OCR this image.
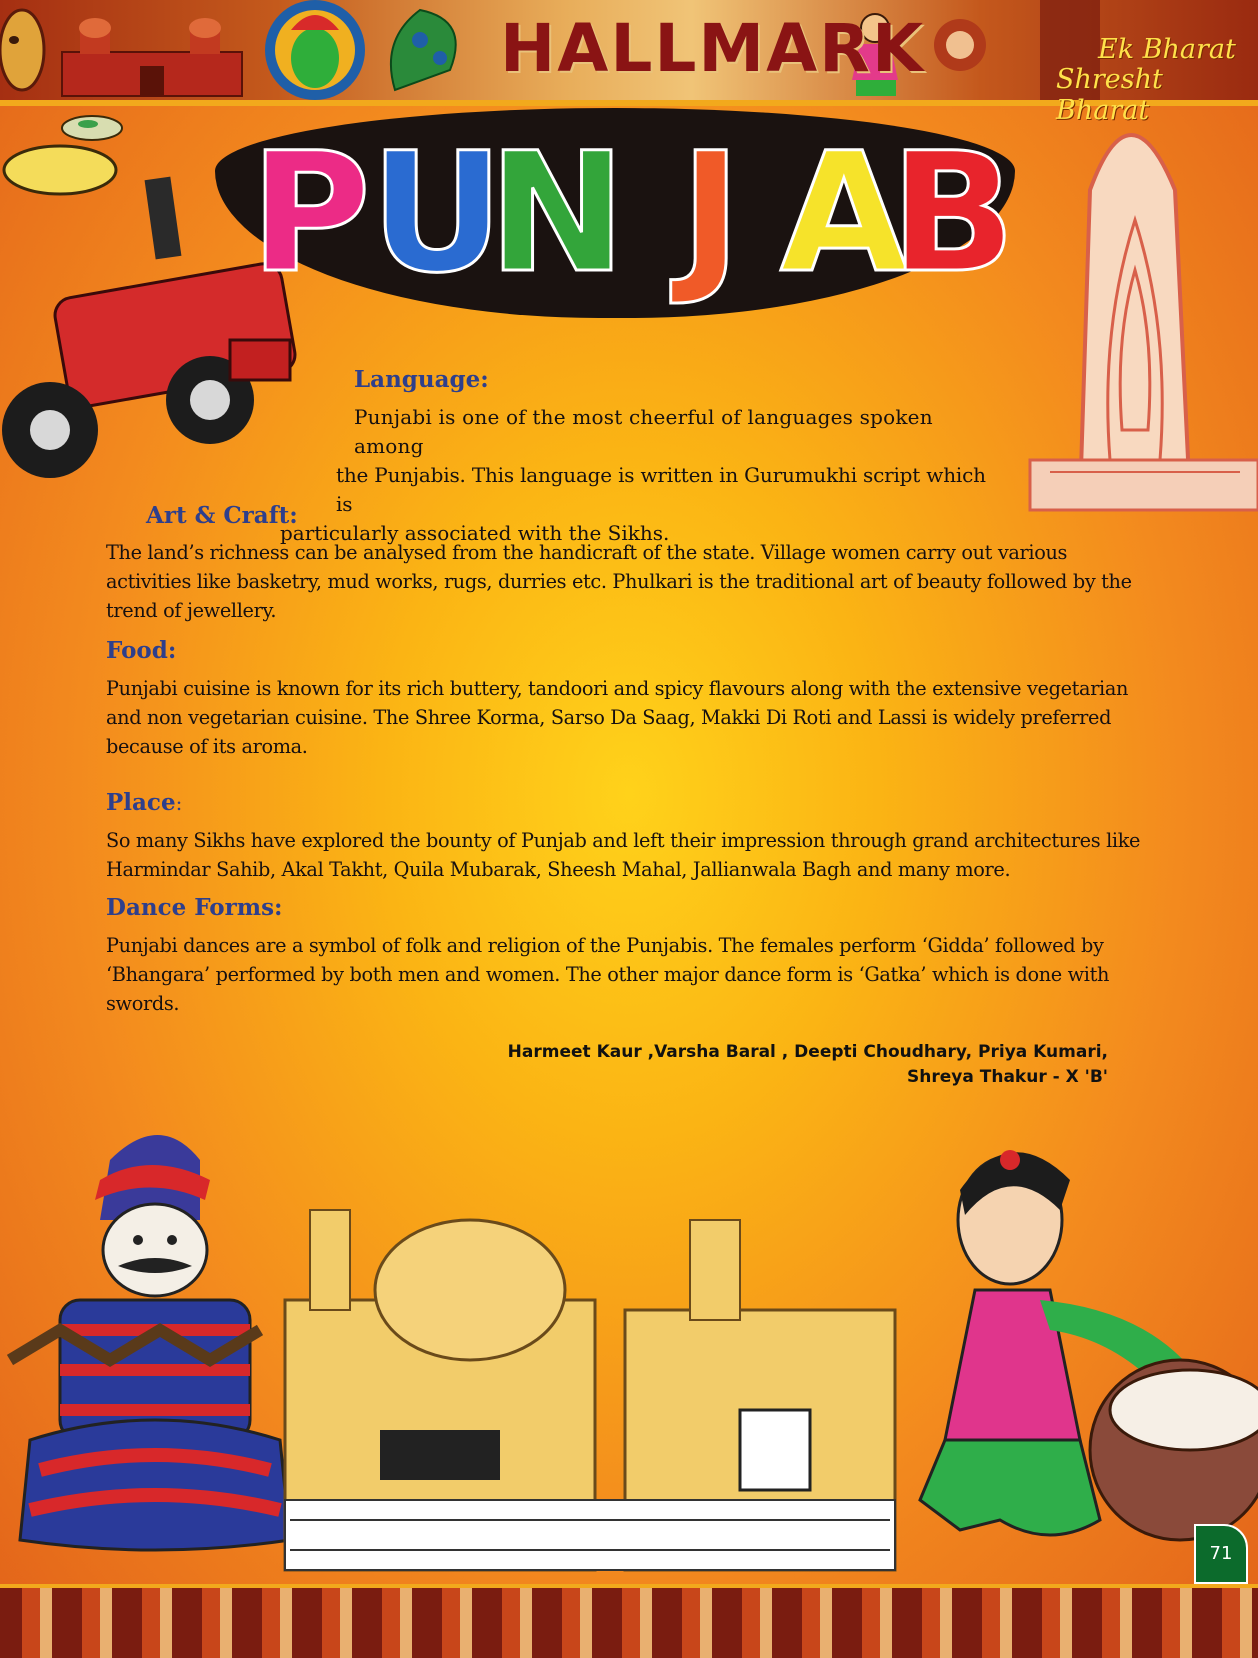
HALLMARK	Ek Bharat
Shresht Bharat
P U
N J A
B
Language:
Punjabi is one of the most cheerful of languages spoken among
the Punjabis. This language is written in Gurumukhi script which is
particularly associated with the Sikhs.
Art & Craft:
The land’s richness can be analysed from the handicraft of the state. Village women carry out various
activities like basketry, mud works, rugs, durries etc. Phulkari is the traditional art of beauty followed by the
trend of jewellery.
Food:
Punjabi cuisine is known for its rich buttery, tandoori and spicy flavours along with the extensive vegetarian
and non vegetarian cuisine. The Shree Korma, Sarso Da Saag, Makki Di Roti and Lassi is widely preferred
because of its aroma.
Place:
So many Sikhs have explored the bounty of Punjab and left their impression through grand architectures like
Harmindar Sahib, Akal Takht, Quila Mubarak, Sheesh Mahal, Jallianwala Bagh and many more.
Dance Forms:
Punjabi dances are a symbol of folk and religion of the Punjabis. The females perform ‘Gidda’ followed by
‘Bhangara’ performed by both men and women. The other major dance form is ‘Gatka’ which is done with
swords.
Harmeet Kaur ,Varsha Baral , Deepti Choudhary, Priya Kumari,
Shreya Thakur - X 'B'
71
